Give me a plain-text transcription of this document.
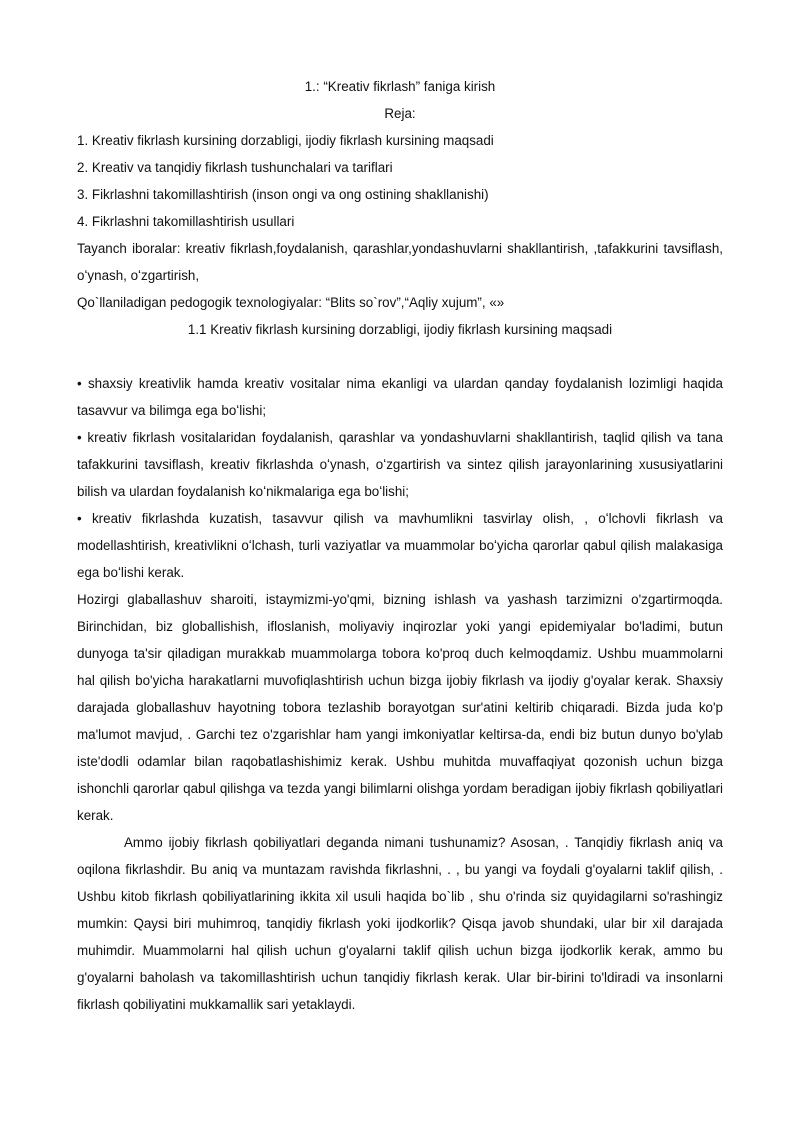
1.: “Kreativ fikrlash” faniga kirish

Reja:

1. Kreativ fikrlash kursining dorzabligi, ijodiy fikrlash kursining maqsadi

2. Kreativ va tanqidiy fikrlash tushunchalari va tariflari

3. Fikrlashni takomillashtirish (inson ongi va ong ostining shakllanishi)

4. Fikrlashni takomillashtirish usullari

Tayanch iboralar: kreativ fikrlash,foydalanish, qarashlar,yondashuvlarni shakllantirish, ,tafakkurini tavsiflash, oʻynash, oʻzgartirish,

Qo`llaniladigan pedogogik texnologiyalar: “Blits so`rov”,“Aqliy xujum”, «»

1.1 Kreativ fikrlash kursining dorzabligi, ijodiy fikrlash kursining maqsadi

• shaxsiy kreativlik hamda kreativ vositalar nima ekanligi va ulardan qanday foydalanish lozimligi haqida tasavvur va bilimga ega boʻlishi;

• kreativ fikrlash vositalaridan foydalanish, qarashlar va yondashuvlarni shakllantirish, taqlid qilish va tana tafakkurini tavsiflash, kreativ fikrlashda oʻynash, oʻzgartirish va sintez qilish jarayonlarining xususiyatlarini bilish va ulardan foydalanish koʻnikmalariga ega boʻlishi;

• kreativ fikrlashda kuzatish, tasavvur qilish va mavhumlikni tasvirlay olish, , oʻlchovli fikrlash va modellashtirish, kreativlikni oʻlchash, turli vaziyatlar va muammolar boʻyicha qarorlar qabul qilish malakasiga ega boʻlishi kerak.

Hozirgi glaballashuv sharoiti, istaymizmi-yo'qmi, bizning ishlash va yashash tarzimizni o'zgartirmoqda. Birinchidan, biz globallishish, ifloslanish, moliyaviy inqirozlar yoki yangi epidemiyalar bo'ladimi, butun dunyoga ta'sir qiladigan murakkab muammolarga tobora ko'proq duch kelmoqdamiz. Ushbu muammolarni hal qilish bo'yicha harakatlarni muvofiqlashtirish uchun bizga ijobiy fikrlash va ijodiy g'oyalar kerak. Shaxsiy darajada globallashuv hayotning tobora tezlashib borayotgan sur'atini keltirib chiqaradi. Bizda juda ko'p ma'lumot mavjud, . Garchi tez o'zgarishlar ham yangi imkoniyatlar keltirsa-da, endi biz butun dunyo bo'ylab iste'dodli odamlar bilan raqobatlashishimiz kerak. Ushbu muhitda muvaffaqiyat qozonish uchun bizga ishonchli qarorlar qabul qilishga va tezda yangi bilimlarni olishga yordam beradigan ijobiy fikrlash qobiliyatlari kerak.

Ammo ijobiy fikrlash qobiliyatlari deganda nimani tushunamiz? Asosan, . Tanqidiy fikrlash aniq va oqilona fikrlashdir. Bu aniq va muntazam ravishda fikrlashni, . , bu yangi va foydali g'oyalarni taklif qilish, . Ushbu kitob fikrlash qobiliyatlarining ikkita xil usuli haqida bo`lib , shu o'rinda siz quyidagilarni so'rashingiz mumkin: Qaysi biri muhimroq, tanqidiy fikrlash yoki ijodkorlik? Qisqa javob shundaki, ular bir xil darajada muhimdir. Muammolarni hal qilish uchun g'oyalarni taklif qilish uchun bizga ijodkorlik kerak, ammo bu g'oyalarni baholash va takomillashtirish uchun tanqidiy fikrlash kerak. Ular bir-birini to'ldiradi va insonlarni fikrlash qobiliyatini mukkamallik sari yetaklaydi.
